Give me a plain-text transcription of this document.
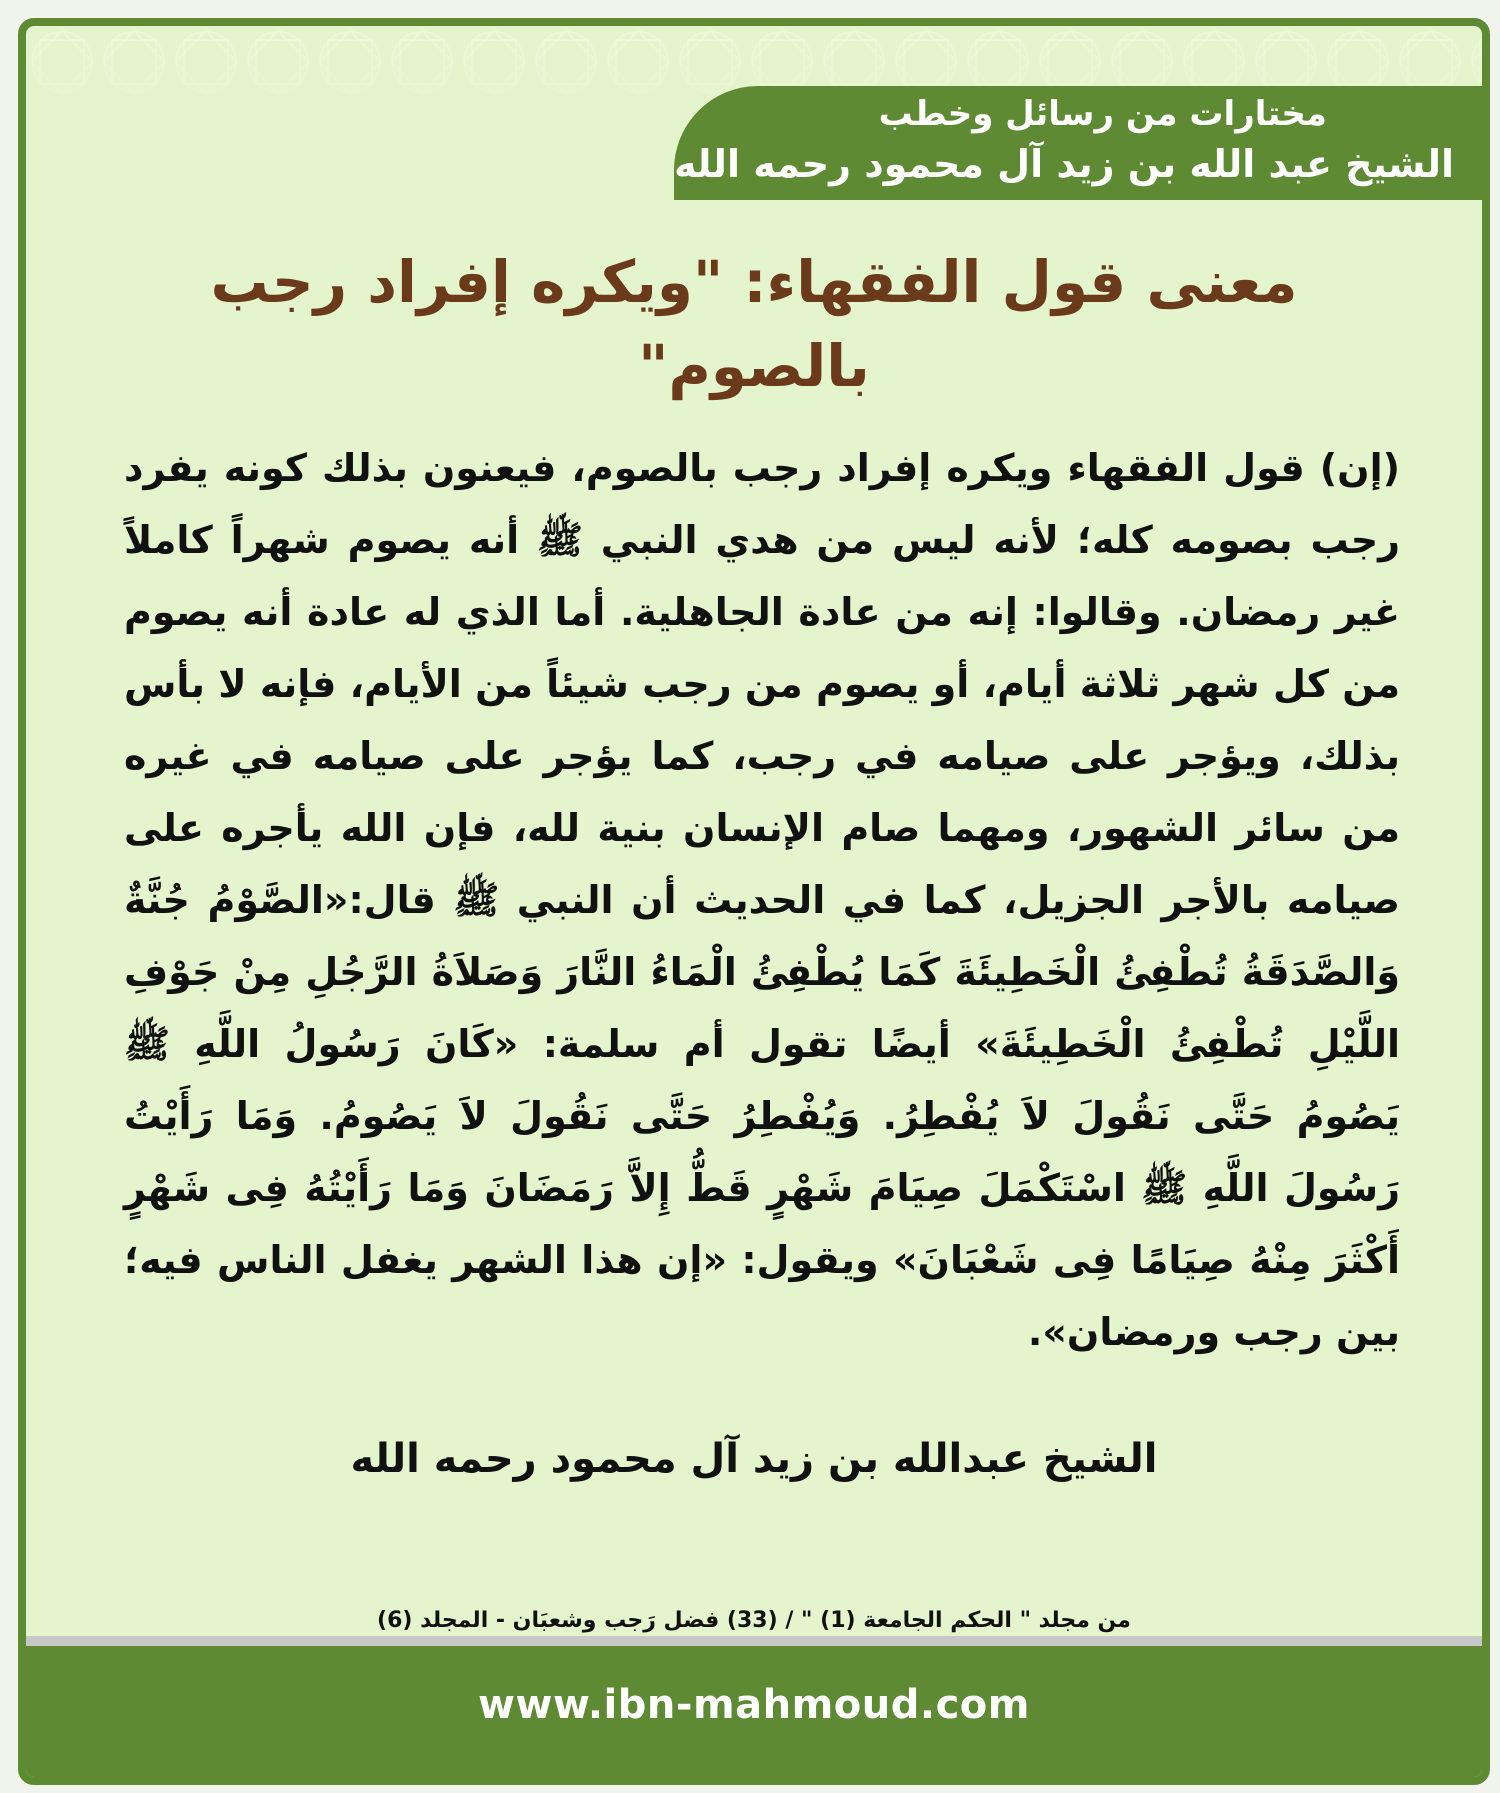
مختارات من رسائل وخطب
الشيخ عبد الله بن زيد آل محمود رحمه الله
معنى قول الفقهاء: "ويكره إفراد رجب بالصوم"
(إن) قول الفقهاء ويكره إفراد رجب بالصوم، فيعنون بذلك كونه يفرد رجب بصومه كله؛ لأنه ليس من هدي النبي ﷺ أنه يصوم شهراً كاملاً غير رمضان. وقالوا: إنه من عادة الجاهلية. أما الذي له عادة أنه يصوم من كل شهر ثلاثة أيام، أو يصوم من رجب شيئاً من الأيام، فإنه لا بأس بذلك، ويؤجر على صيامه في رجب، كما يؤجر على صيامه في غيره من سائر الشهور، ومهما صام الإنسان بنية لله، فإن الله يأجره على صيامه بالأجر الجزيل، كما في الحديث أن النبي ﷺ قال:«الصَّوْمُ جُنَّةٌ وَالصَّدَقَةُ تُطْفِئُ الْخَطِيئَةَ كَمَا يُطْفِئُ الْمَاءُ النَّارَ وَصَلاَةُ الرَّجُلِ مِنْ جَوْفِ اللَّيْلِ تُطْفِئُ الْخَطِيئَةَ» أيضًا تقول أم سلمة: «كَانَ رَسُولُ اللَّهِ ﷺ يَصُومُ حَتَّى نَقُولَ لاَ يُفْطِرُ. وَيُفْطِرُ حَتَّى نَقُولَ لاَ يَصُومُ. وَمَا رَأَيْتُ رَسُولَ اللَّهِ ﷺ اسْتَكْمَلَ صِيَامَ شَهْرٍ قَطُّ إِلاَّ رَمَضَانَ وَمَا رَأَيْتُهُ فِى شَهْرٍ أَكْثَرَ مِنْهُ صِيَامًا فِى شَعْبَانَ» ويقول: «إن هذا الشهر يغفل الناس فيه؛ بين رجب ورمضان».
الشيخ عبدالله بن زيد آل محمود رحمه الله
من مجلد " الحكم الجامعة (1) " / (33) فضل رَجب وشعبَان - المجلد (6)
www.ibn-mahmoud.com
